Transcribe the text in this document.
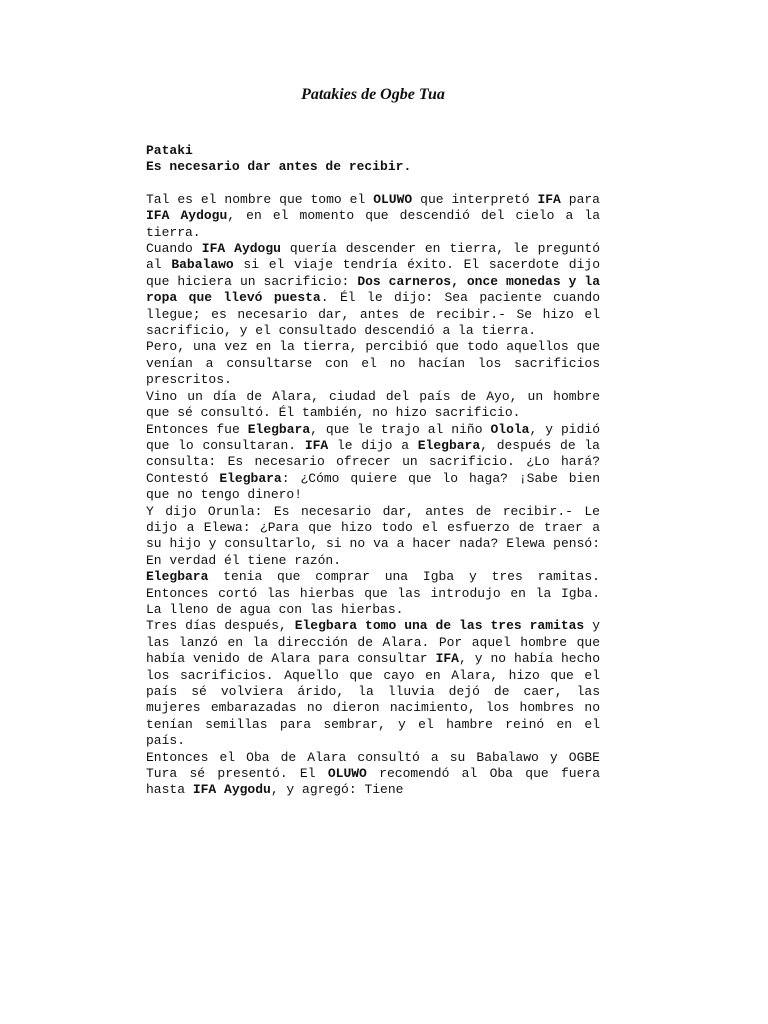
Patakies de Ogbe Tua

Pataki

Es necesario dar antes de recibir.

Tal es el nombre que tomo el OLUWO que interpretó IFA para IFA Aydogu, en el momento que descendió del cielo a la tierra.

Cuando IFA Aydogu quería descender en tierra, le preguntó al Babalawo si el viaje tendría éxito. El sacerdote dijo que hiciera un sacrificio: Dos carneros, once monedas y la ropa que llevó puesta. Él le dijo: Sea paciente cuando llegue; es necesario dar, antes de recibir.- Se hizo el sacrificio, y el consultado descendió a la tierra.

Pero, una vez en la tierra, percibió que todo aquellos que venían a consultarse con el no hacían los sacrificios prescritos.

Vino un día de Alara, ciudad del país de Ayo, un hombre que sé consultó. Él también, no hizo sacrificio.

Entonces fue Elegbara, que le trajo al niño Olola, y pidió que lo consultaran. IFA le dijo a Elegbara, después de la consulta: Es necesario ofrecer un sacrificio. ¿Lo hará? Contestó Elegbara: ¿Cómo quiere que lo haga? ¡Sabe bien que no tengo dinero!

Y dijo Orunla: Es necesario dar, antes de recibir.- Le dijo a Elewa: ¿Para que hizo todo el esfuerzo de traer a su hijo y consultarlo, si no va a hacer nada? Elewa pensó: En verdad él tiene razón.

Elegbara tenia que comprar una Igba y tres ramitas. Entonces cortó las hierbas que las introdujo en la Igba. La lleno de agua con las hierbas.

Tres días después, Elegbara tomo una de las tres ramitas y las lanzó en la dirección de Alara. Por aquel hombre que había venido de Alara para consultar IFA, y no había hecho los sacrificios. Aquello que cayo en Alara, hizo que el país sé volviera árido, la lluvia dejó de caer, las mujeres embarazadas no dieron nacimiento, los hombres no tenían semillas para sembrar, y el hambre reinó en el país.

Entonces el Oba de Alara consultó a su Babalawo y OGBE Tura sé presentó. El OLUWO recomendó al Oba que fuera hasta IFA Aygodu, y agregó: Tiene
